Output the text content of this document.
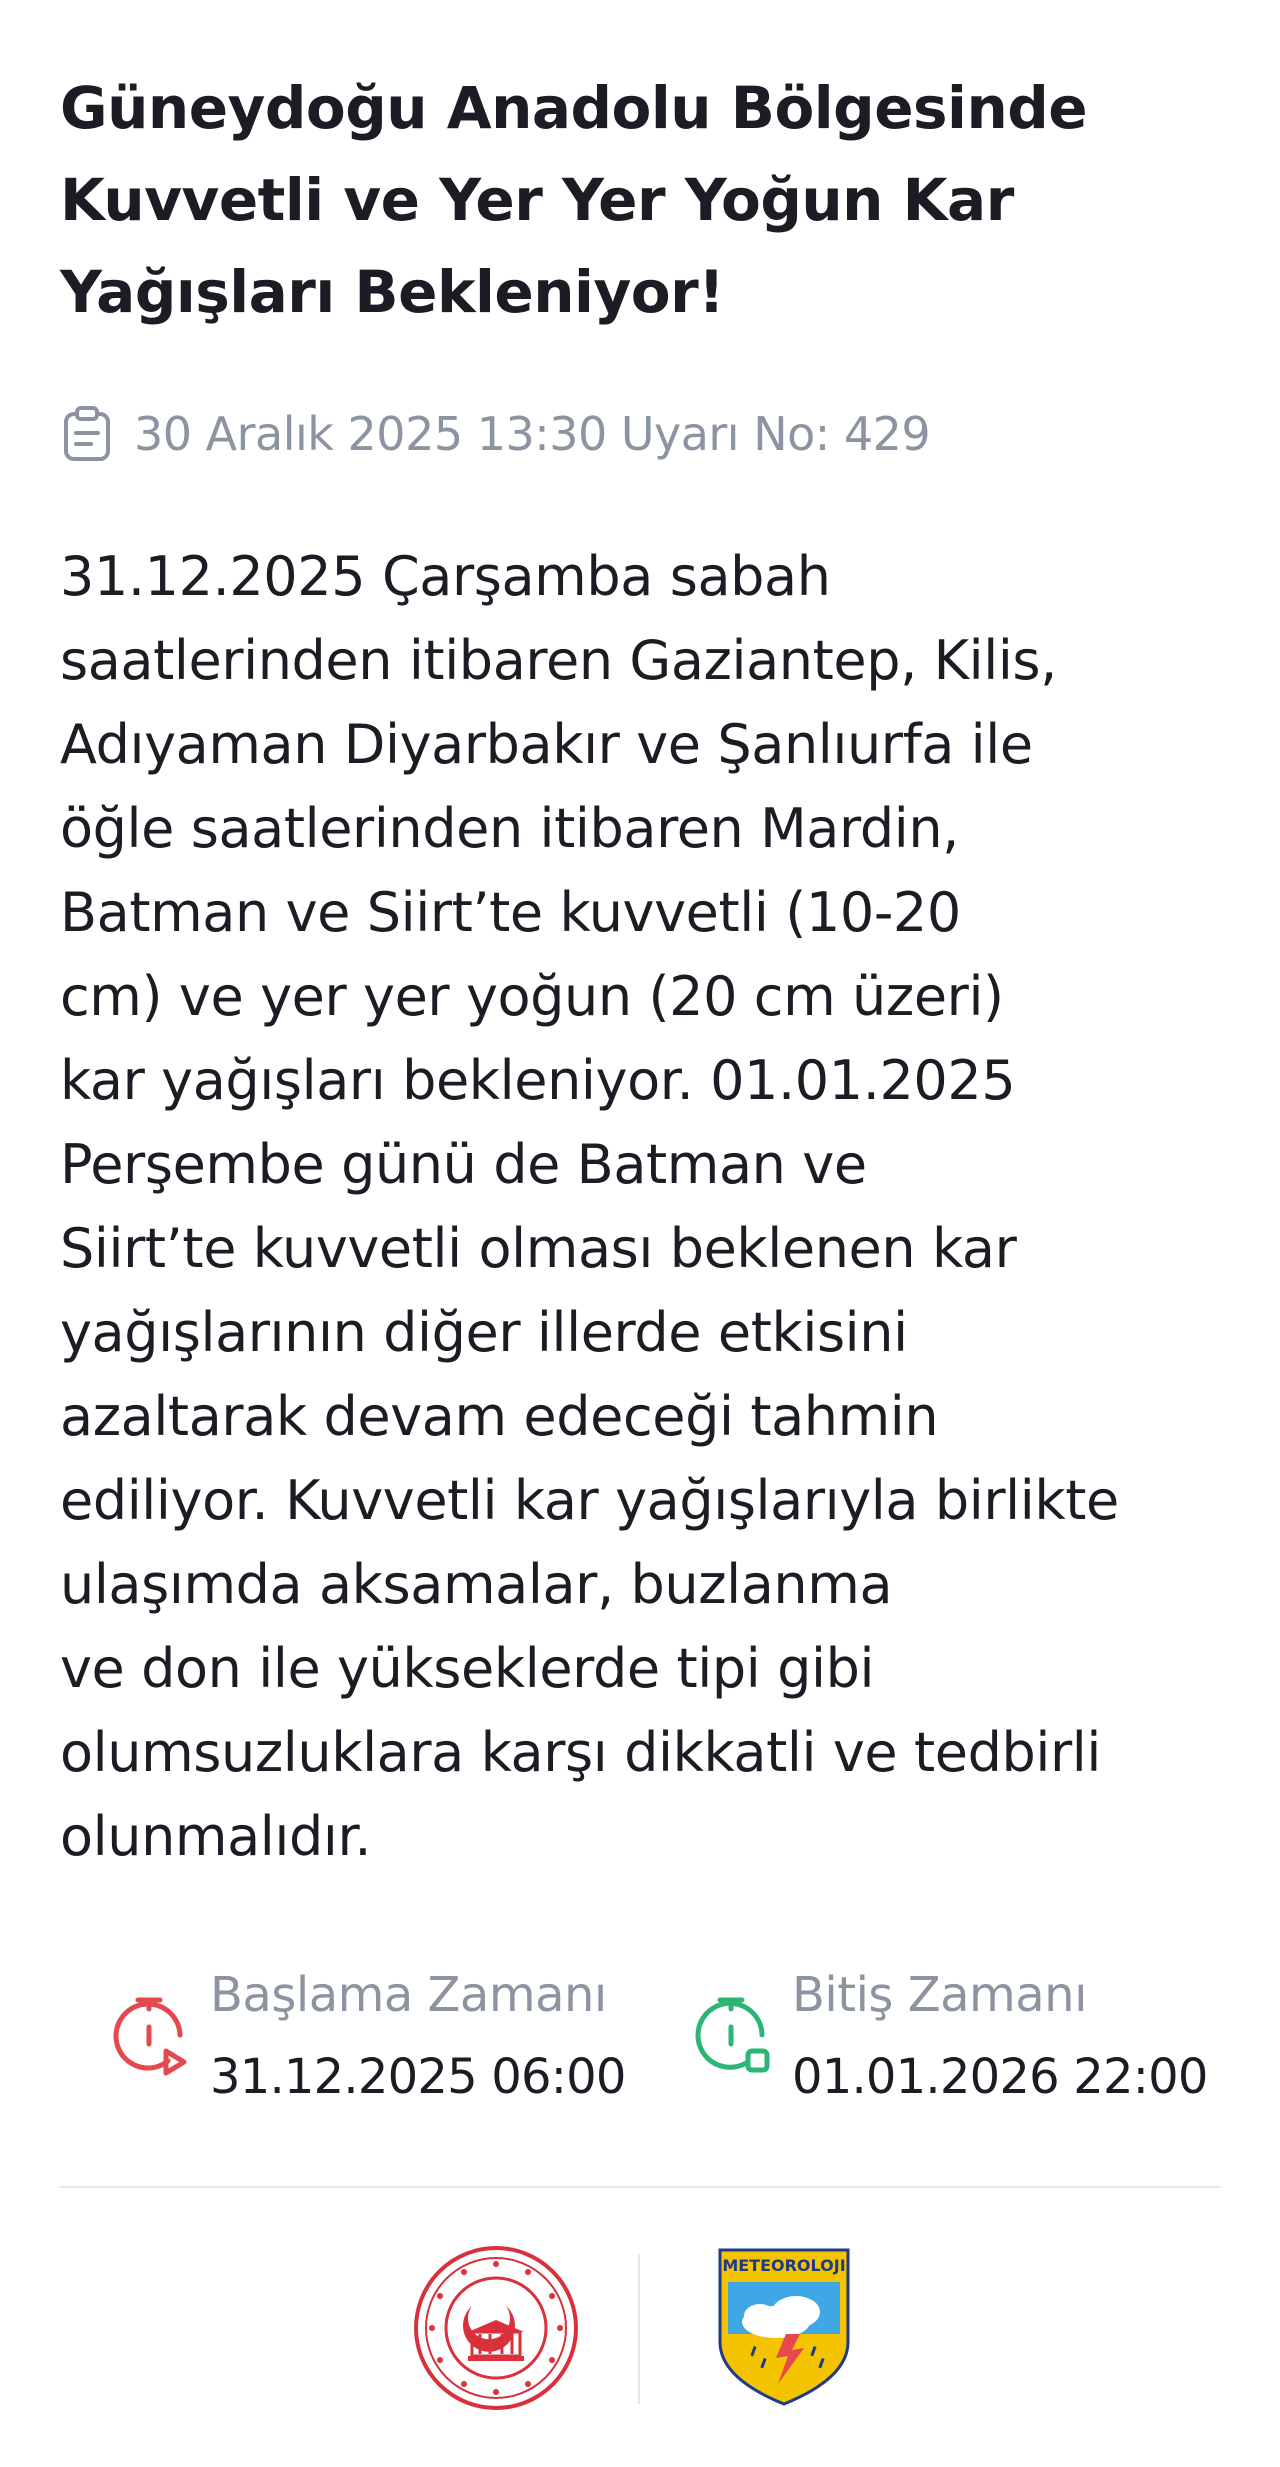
Güneydoğu Anadolu Bölgesinde
Kuvvetli ve Yer Yer Yoğun Kar
Yağışları Bekleniyor!
30 Aralık 2025 13:30 Uyarı No: 429

31.12.2025 Çarşamba sabah
saatlerinden itibaren Gaziantep, Kilis,
Adıyaman Diyarbakır ve Şanlıurfa ile
öğle saatlerinden itibaren Mardin,
Batman ve Siirt’te kuvvetli (10-20
cm) ve yer yer yoğun (20 cm üzeri)
kar yağışları bekleniyor. 01.01.2025
Perşembe günü de Batman ve
Siirt’te kuvvetli olması beklenen kar
yağışlarının diğer illerde etkisini
azaltarak devam edeceği tahmin
ediliyor. Kuvvetli kar yağışlarıyla birlikte
ulaşımda aksamalar, buzlanma
ve don ile yükseklerde tipi gibi
olumsuzluklara karşı dikkatli ve tedbirli
olunmalıdır.

Başlama Zamanı
31.12.2025 06:00
Bitiş Zamanı
01.01.2026 22:00
METEOROLOJI
